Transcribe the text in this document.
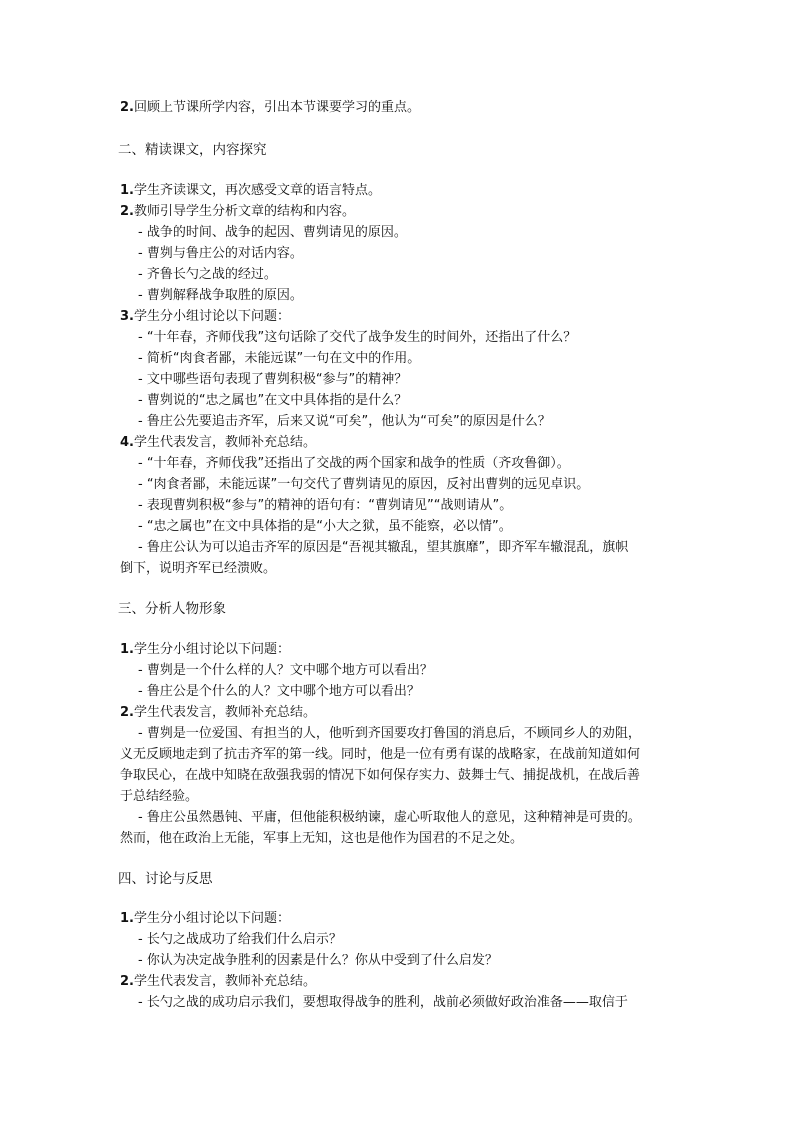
2.回顾上节课所学内容，引出本节课要学习的重点。
二、精读课文，内容探究
1.学生齐读课文，再次感受文章的语言特点。
2.教师引导学生分析文章的结构和内容。
- 战争的时间、战争的起因、曹刿请见的原因。
- 曹刿与鲁庄公的对话内容。
- 齐鲁长勺之战的经过。
- 曹刿解释战争取胜的原因。
3.学生分小组讨论以下问题：
- “十年春，齐师伐我”这句话除了交代了战争发生的时间外，还指出了什么？
- 简析“肉食者鄙，未能远谋”一句在文中的作用。
- 文中哪些语句表现了曹刿积极“参与”的精神？
- 曹刿说的“忠之属也”在文中具体指的是什么？
- 鲁庄公先要追击齐军，后来又说“可矣”，他认为“可矣”的原因是什么？
4.学生代表发言，教师补充总结。
- “十年春，齐师伐我”还指出了交战的两个国家和战争的性质（齐攻鲁御）。
- “肉食者鄙，未能远谋”一句交代了曹刿请见的原因，反衬出曹刿的远见卓识。
- 表现曹刿积极“参与”的精神的语句有：“曹刿请见”“战则请从”。
- “忠之属也”在文中具体指的是“小大之狱，虽不能察，必以情”。
- 鲁庄公认为可以追击齐军的原因是“吾视其辙乱，望其旗靡”，即齐军车辙混乱，旗帜
倒下，说明齐军已经溃败。
三、分析人物形象
1.学生分小组讨论以下问题：
- 曹刿是一个什么样的人？文中哪个地方可以看出？
- 鲁庄公是个什么的人？文中哪个地方可以看出？
2.学生代表发言，教师补充总结。
- 曹刿是一位爱国、有担当的人，他听到齐国要攻打鲁国的消息后，不顾同乡人的劝阻，
义无反顾地走到了抗击齐军的第一线。同时，他是一位有勇有谋的战略家，在战前知道如何
争取民心，在战中知晓在敌强我弱的情况下如何保存实力、鼓舞士气、捕捉战机，在战后善
于总结经验。
- 鲁庄公虽然愚钝、平庸，但他能积极纳谏，虚心听取他人的意见，这种精神是可贵的。
然而，他在政治上无能，军事上无知，这也是他作为国君的不足之处。
四、讨论与反思
1.学生分小组讨论以下问题：
- 长勺之战成功了给我们什么启示？
- 你认为决定战争胜利的因素是什么？你从中受到了什么启发？
2.学生代表发言，教师补充总结。
- 长勺之战的成功启示我们，要想取得战争的胜利，战前必须做好政治准备——取信于
